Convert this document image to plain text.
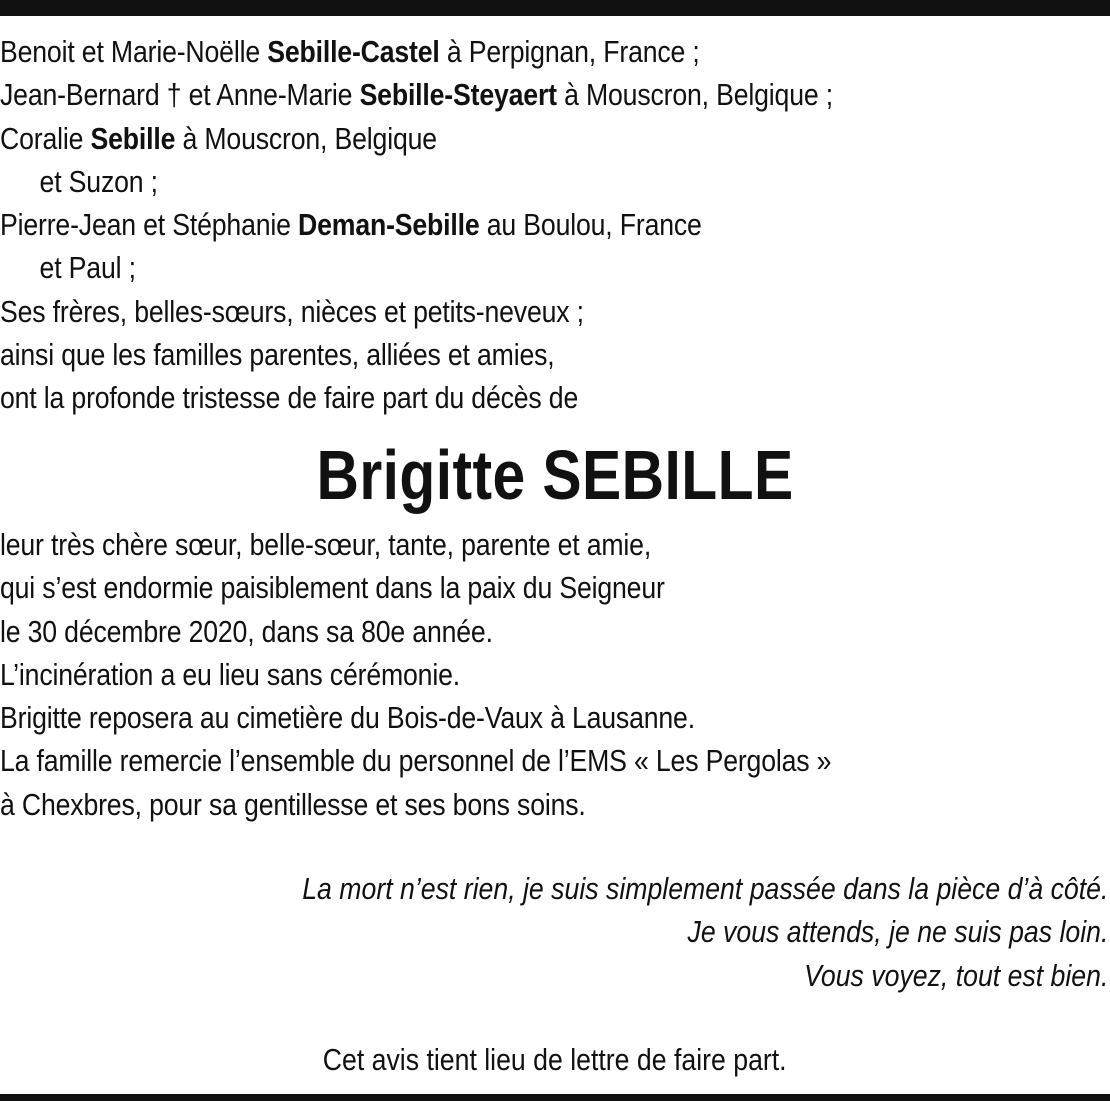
Benoit et Marie-Noëlle Sebille-Castel à Perpignan, France ;
Jean-Bernard † et Anne-Marie Sebille-Steyaert à Mouscron, Belgique ;
Coralie Sebille à Mouscron, Belgique
et Suzon ;
Pierre-Jean et Stéphanie Deman-Sebille au Boulou, France
et Paul ;
Ses frères, belles-sœurs, nièces et petits-neveux ;
ainsi que les familles parentes, alliées et amies,
ont la profonde tristesse de faire part du décès de
Brigitte SEBILLE
leur très chère sœur, belle-sœur, tante, parente et amie,
qui s’est endormie paisiblement dans la paix du Seigneur
le 30 décembre 2020, dans sa 80e année.
L’incinération a eu lieu sans cérémonie.
Brigitte reposera au cimetière du Bois-de-Vaux à Lausanne.
La famille remercie l’ensemble du personnel de l’EMS « Les Pergolas »
à Chexbres, pour sa gentillesse et ses bons soins.
La mort n’est rien, je suis simplement passée dans la pièce d’à côté.
Je vous attends, je ne suis pas loin.
Vous voyez, tout est bien.
Cet avis tient lieu de lettre de faire part.
